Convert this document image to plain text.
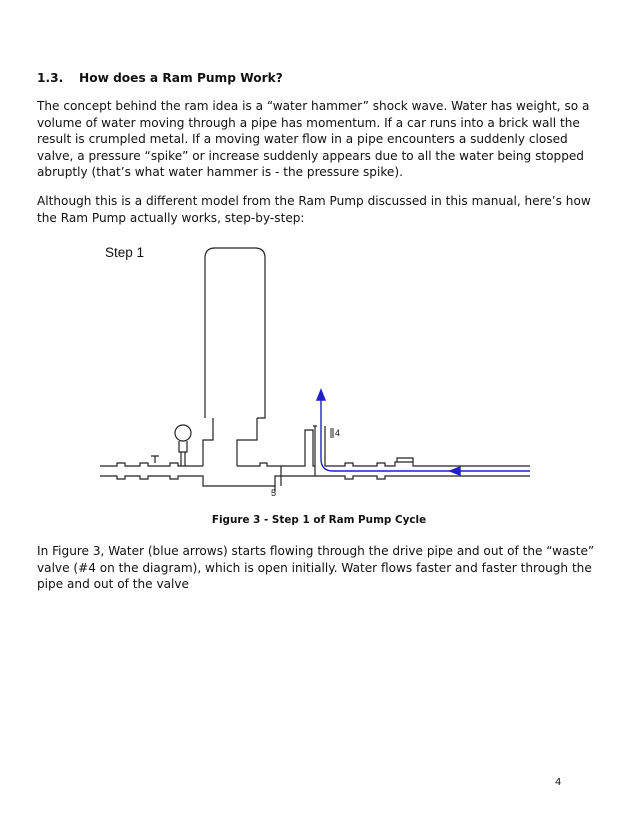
1.3. How does a Ram Pump Work?
The concept behind the ram idea is a “water hammer” shock wave. Water has weight, so a volume of water moving through a pipe has momentum. If a car runs into a brick wall the result is crumpled metal. If a moving water flow in a pipe encounters a suddenly closed valve, a pressure “spike” or increase suddenly appears due to all the water being stopped abruptly (that’s what water hammer is - the pressure spike).
Although this is a different model from the Ram Pump discussed in this manual, here’s how the Ram Pump actually works, step-by-step:
Step 1
4
5
Figure 3 - Step 1 of Ram Pump Cycle
In Figure 3, Water (blue arrows) starts flowing through the drive pipe and out of the “waste” valve (#4 on the diagram), which is open initially. Water flows faster and faster through the pipe and out of the valve
4
